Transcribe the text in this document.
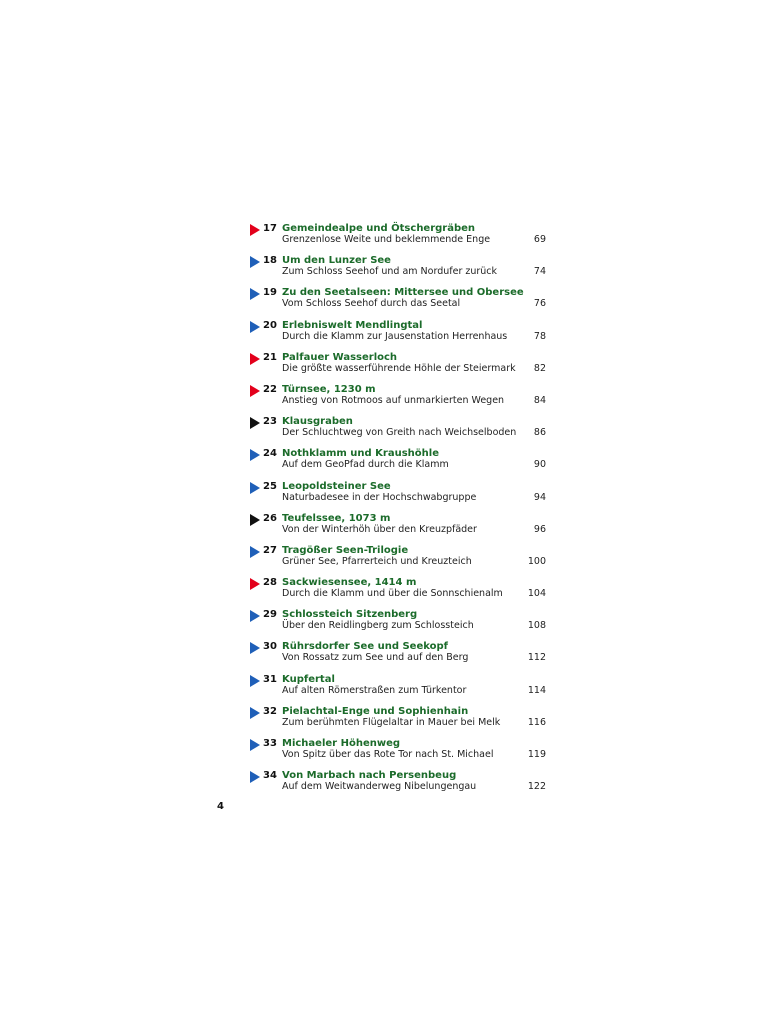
17 Gemeindealpe und Ötschergräben
Grenzenlose Weite und beklemmende Enge	69
18 Um den Lunzer See
Zum Schloss Seehof und am Nordufer zurück	74
19 Zu den Seetalseen: Mittersee und Obersee
Vom Schloss Seehof durch das Seetal	76
20 Erlebniswelt Mendlingtal
Durch die Klamm zur Jausenstation Herrenhaus	78
21 Palfauer Wasserloch
Die größte wasserführende Höhle der Steiermark 82
22 Türnsee, 1230 m
Anstieg von Rotmoos auf unmarkierten Wegen	84
23 Klausgraben
Der Schluchtweg von Greith nach Weichselboden 86
24 Nothklamm und Kraushöhle
Auf dem GeoPfad durch die Klamm	90
25 Leopoldsteiner See
Naturbadesee in der Hochschwabgruppe	94
26 Teufelssee, 1073 m
Von der Winterhöh über den Kreuzpfäder	96
27 Tragößer Seen-Trilogie
Grüner See, Pfarrerteich und Kreuzteich	100
28 Sackwiesensee, 1414 m
Durch die Klamm und über die Sonnschienalm	104
29 Schlossteich Sitzenberg
Über den Reidlingberg zum Schlossteich	108
30 Rührsdorfer See und Seekopf
Von Rossatz zum See und auf den Berg	112
31 Kupfertal
Auf alten Römerstraßen zum Türkentor	114
32 Pielachtal-Enge und Sophienhain
Zum berühmten Flügelaltar in Mauer bei Melk	116
33 Michaeler Höhenweg
Von Spitz über das Rote Tor nach St. Michael	119
34 Von Marbach nach Persenbeug
Auf dem Weitwanderweg Nibelungengau	122
4
